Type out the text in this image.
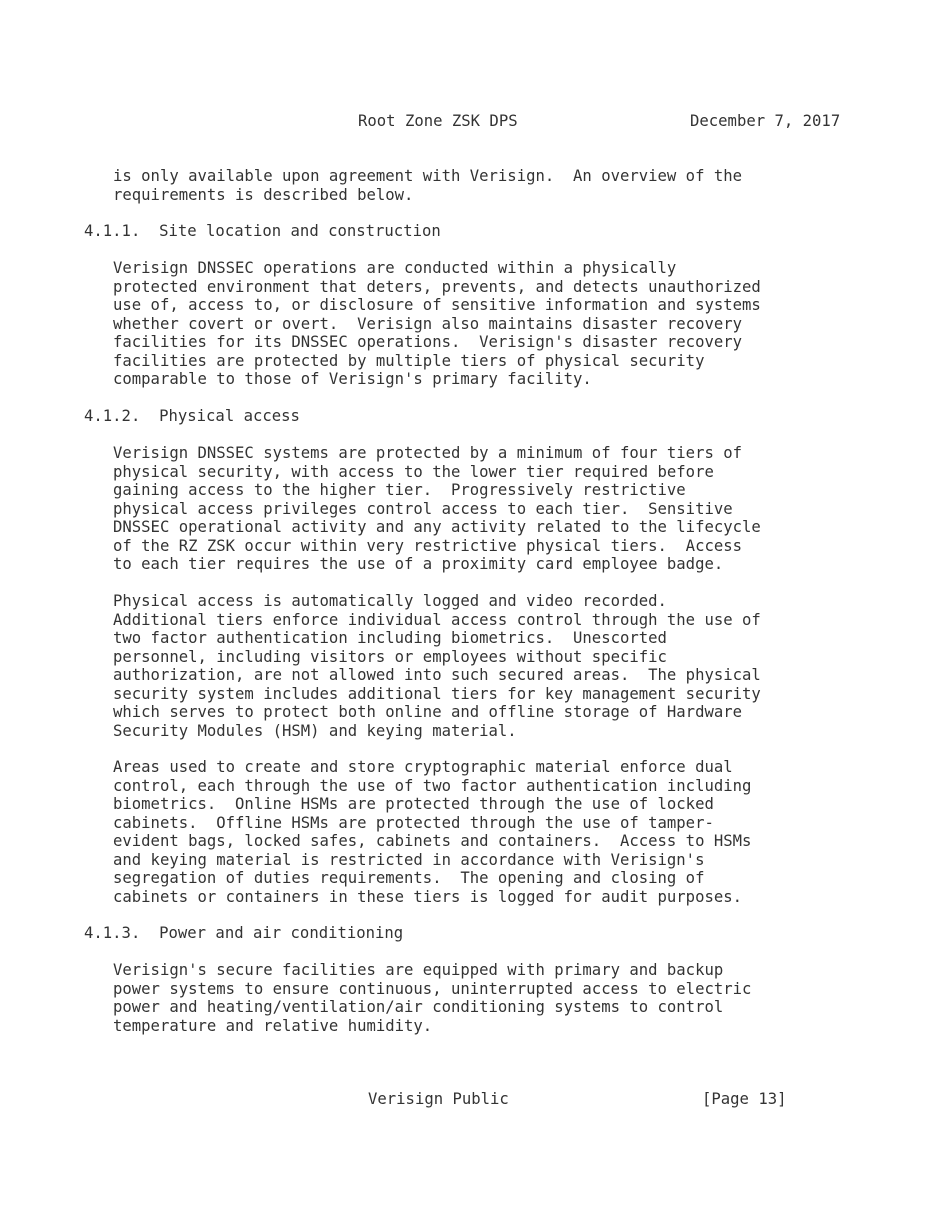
Root Zone ZSK DPS	December 7, 2017

is only available upon agreement with Verisign.  An overview of the
requirements is described below.

4.1.1.  Site location and construction

Verisign DNSSEC operations are conducted within a physically
protected environment that deters, prevents, and detects unauthorized
use of, access to, or disclosure of sensitive information and systems
whether covert or overt.  Verisign also maintains disaster recovery
facilities for its DNSSEC operations.  Verisign's disaster recovery
facilities are protected by multiple tiers of physical security
comparable to those of Verisign's primary facility.

4.1.2.  Physical access

Verisign DNSSEC systems are protected by a minimum of four tiers of
physical security, with access to the lower tier required before
gaining access to the higher tier.  Progressively restrictive
physical access privileges control access to each tier.  Sensitive
DNSSEC operational activity and any activity related to the lifecycle
of the RZ ZSK occur within very restrictive physical tiers.  Access
to each tier requires the use of a proximity card employee badge.

Physical access is automatically logged and video recorded.
Additional tiers enforce individual access control through the use of
two factor authentication including biometrics.  Unescorted
personnel, including visitors or employees without specific
authorization, are not allowed into such secured areas.  The physical
security system includes additional tiers for key management security
which serves to protect both online and offline storage of Hardware
Security Modules (HSM) and keying material.

Areas used to create and store cryptographic material enforce dual
control, each through the use of two factor authentication including
biometrics.  Online HSMs are protected through the use of locked
cabinets.  Offline HSMs are protected through the use of tamper-
evident bags, locked safes, cabinets and containers.  Access to HSMs
and keying material is restricted in accordance with Verisign's
segregation of duties requirements.  The opening and closing of
cabinets or containers in these tiers is logged for audit purposes.

4.1.3.  Power and air conditioning

Verisign's secure facilities are equipped with primary and backup
power systems to ensure continuous, uninterrupted access to electric
power and heating/ventilation/air conditioning systems to control
temperature and relative humidity.

Verisign Public	[Page 13]
